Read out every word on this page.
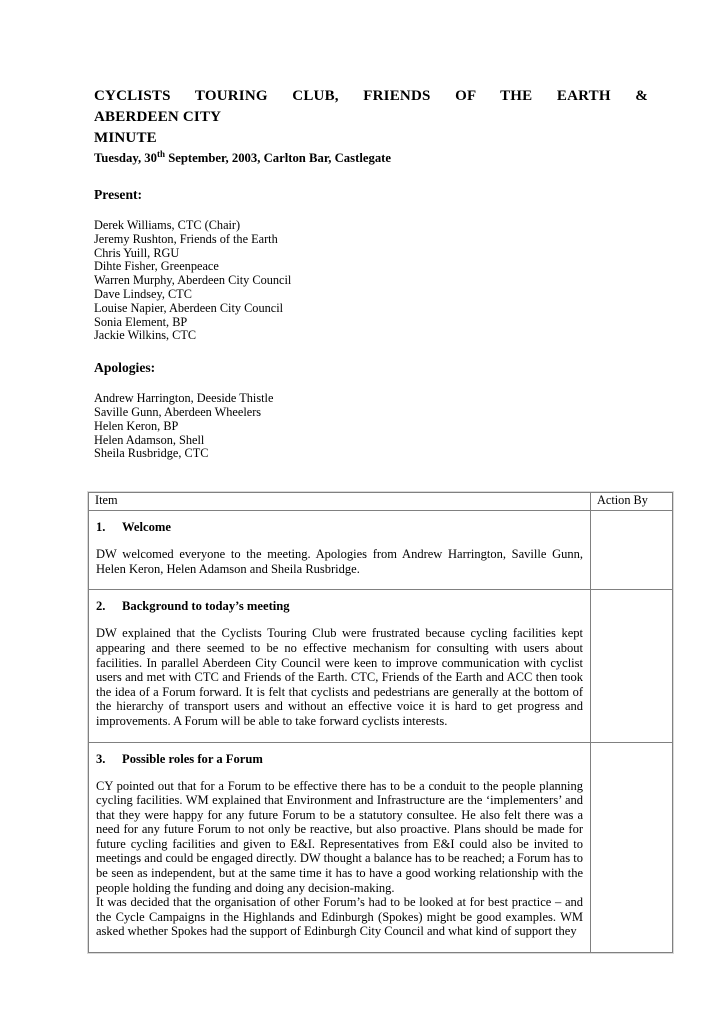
CYCLISTS TOURING CLUB, FRIENDS OF THE EARTH &
ABERDEEN CITY
MINUTE
Tuesday, 30th September, 2003, Carlton Bar, Castlegate
Present:
Derek Williams, CTC (Chair)
Jeremy Rushton, Friends of the Earth
Chris Yuill, RGU
Dihte Fisher, Greenpeace
Warren Murphy, Aberdeen City Council
Dave Lindsey, CTC
Louise Napier, Aberdeen City Council
Sonia Element, BP
Jackie Wilkins, CTC
Apologies:
Andrew Harrington, Deeside Thistle
Saville Gunn, Aberdeen Wheelers
Helen Keron, BP
Helen Adamson, Shell
Sheila Rusbridge, CTC
Item	Action By

1. Welcome

DW welcomed everyone to the meeting. Apologies from Andrew Harrington, Saville Gunn, Helen Keron, Helen Adamson and Sheila Rusbridge.	

2. Background to today’s meeting

DW explained that the Cyclists Touring Club were frustrated because cycling facilities kept appearing and there seemed to be no effective mechanism for consulting with users about facilities. In parallel Aberdeen City Council were keen to improve communication with cyclist users and met with CTC and Friends of the Earth. CTC, Friends of the Earth and ACC then took the idea of a Forum forward. It is felt that cyclists and pedestrians are generally at the bottom of the hierarchy of transport users and without an effective voice it is hard to get progress and improvements. A Forum will be able to take forward cyclists interests.	

3. Possible roles for a Forum

CY pointed out that for a Forum to be effective there has to be a conduit to the people planning cycling facilities. WM explained that Environment and Infrastructure are the ‘implementers’ and that they were happy for any future Forum to be a statutory consultee. He also felt there was a need for any future Forum to not only be reactive, but also proactive. Plans should be made for future cycling facilities and given to E&I. Representatives from E&I could also be invited to meetings and could be engaged directly. DW thought a balance has to be reached; a Forum has to be seen as independent, but at the same time it has to have a good working relationship with the people holding the funding and doing any decision-making.

It was decided that the organisation of other Forum’s had to be looked at for best practice – and the Cycle Campaigns in the Highlands and Edinburgh (Spokes) might be good examples. WM asked whether Spokes had the support of Edinburgh City Council and what kind of support they	
